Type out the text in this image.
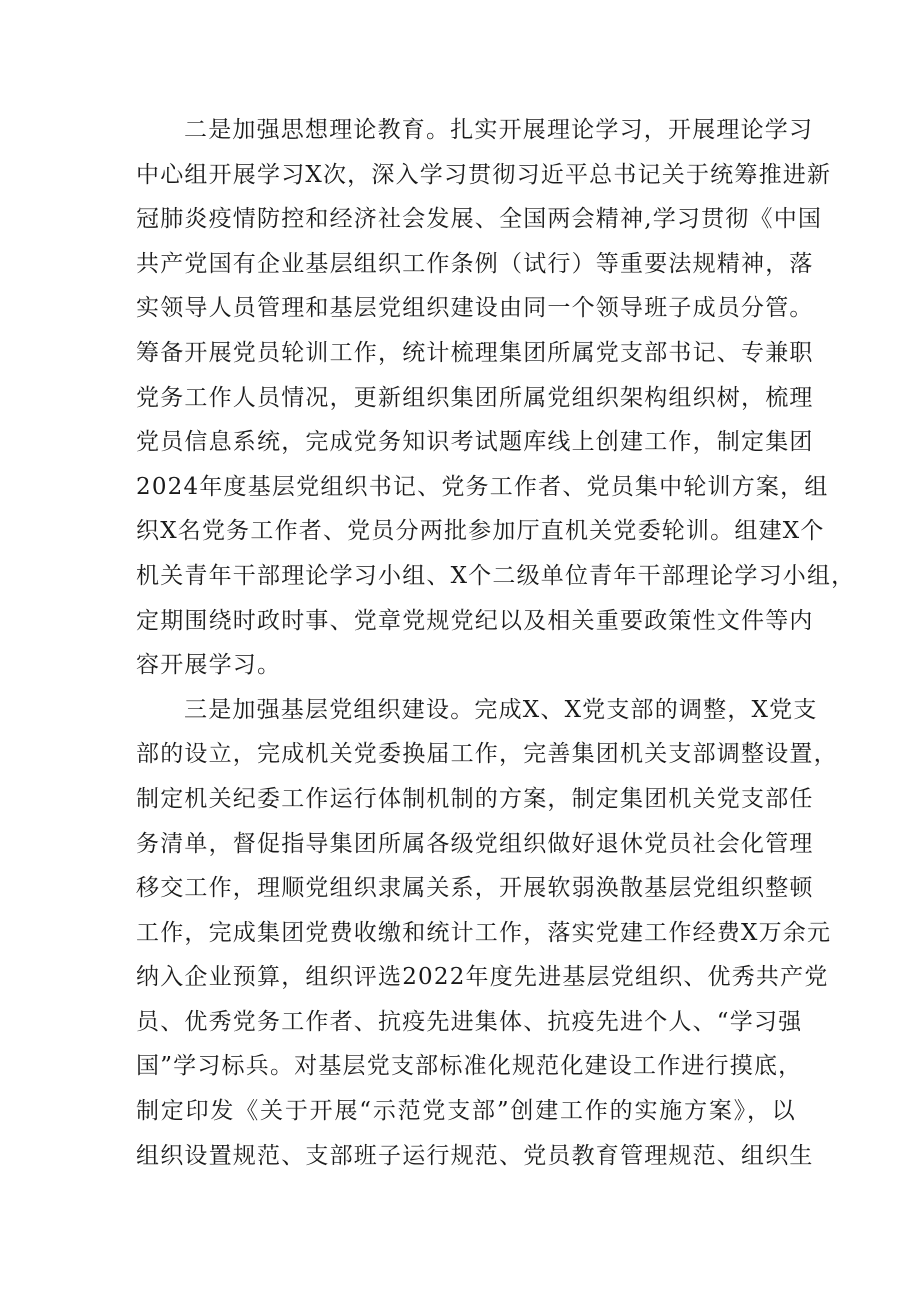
二是加强思想理论教育。扎实开展理论学习，开展理论学习
中心组开展学习X次，深入学习贯彻习近平总书记关于统筹推进新
冠肺炎疫情防控和经济社会发展、全国两会精神,学习贯彻《中国
共产党国有企业基层组织工作条例（试行）等重要法规精神，落
实领导人员管理和基层党组织建设由同一个领导班子成员分管。
筹备开展党员轮训工作，统计梳理集团所属党支部书记、专兼职
党务工作人员情况，更新组织集团所属党组织架构组织树，梳理
党员信息系统，完成党务知识考试题库线上创建工作，制定集团
2024年度基层党组织书记、党务工作者、党员集中轮训方案，组
织X名党务工作者、党员分两批参加厅直机关党委轮训。组建X个
机关青年干部理论学习小组、X个二级单位青年干部理论学习小组，
定期围绕时政时事、党章党规党纪以及相关重要政策性文件等内
容开展学习。
三是加强基层党组织建设。完成X、X党支部的调整，X党支
部的设立，完成机关党委换届工作，完善集团机关支部调整设置，
制定机关纪委工作运行体制机制的方案，制定集团机关党支部任
务清单，督促指导集团所属各级党组织做好退休党员社会化管理
移交工作，理顺党组织隶属关系，开展软弱涣散基层党组织整顿
工作，完成集团党费收缴和统计工作，落实党建工作经费X万余元
纳入企业预算，组织评选2022年度先进基层党组织、优秀共产党
员、优秀党务工作者、抗疫先进集体、抗疫先进个人、“学习强
国”学习标兵。对基层党支部标准化规范化建设工作进行摸底，
制定印发《关于开展“示范党支部”创建工作的实施方案》，以
组织设置规范、支部班子运行规范、党员教育管理规范、组织生
